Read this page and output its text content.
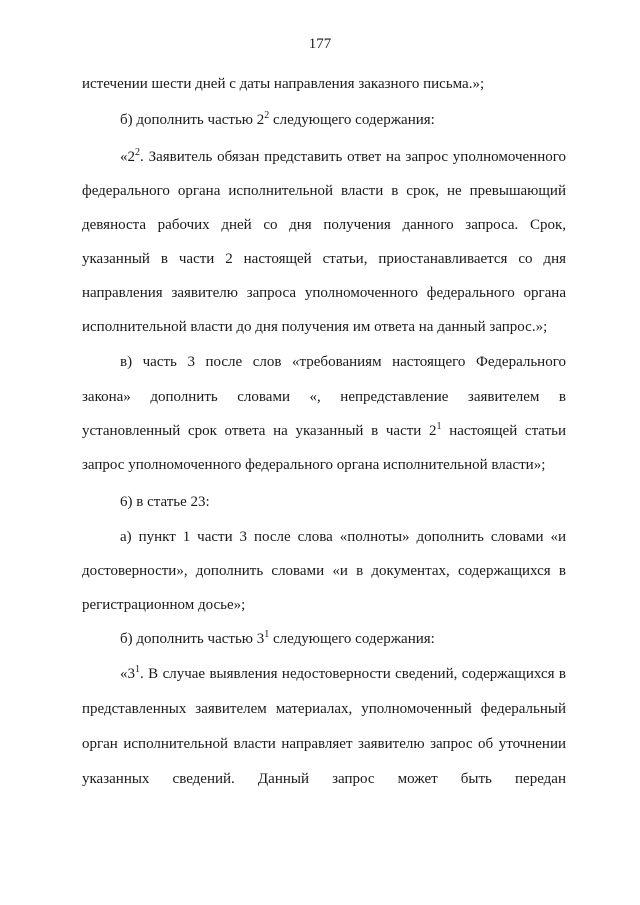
177
истечении шести дней с даты направления заказного письма.»;
б) дополнить частью $2^2$ следующего содержания:
«$2^2$. Заявитель обязан представить ответ на запрос уполномоченного
федерального органа исполнительной власти в срок, не превышающий
девяноста рабочих дней со дня получения данного запроса. Срок,
указанный в части 2 настоящей статьи, приостанавливается со дня
направления заявителю запроса уполномоченного федерального органа
исполнительной власти до дня получения им ответа на данный запрос.»;
в) часть 3 после слов «требованиям настоящего Федерального
закона» дополнить словами «, непредставление заявителем в
установленный срок ответа на указанный в части $2^1$ настоящей статьи
запрос уполномоченного федерального органа исполнительной власти»;
6) в статье 23:
а) пункт 1 части 3 после слова «полноты» дополнить словами «и
достоверности», дополнить словами «и в документах, содержащихся в
регистрационном досье»;
б) дополнить частью $3^1$ следующего содержания:
«$3^1$. В случае выявления недостоверности сведений, содержащихся в
представленных заявителем материалах, уполномоченный федеральный
орган исполнительной власти направляет заявителю запрос об уточнении
указанных сведений. Данный запрос может быть передан
